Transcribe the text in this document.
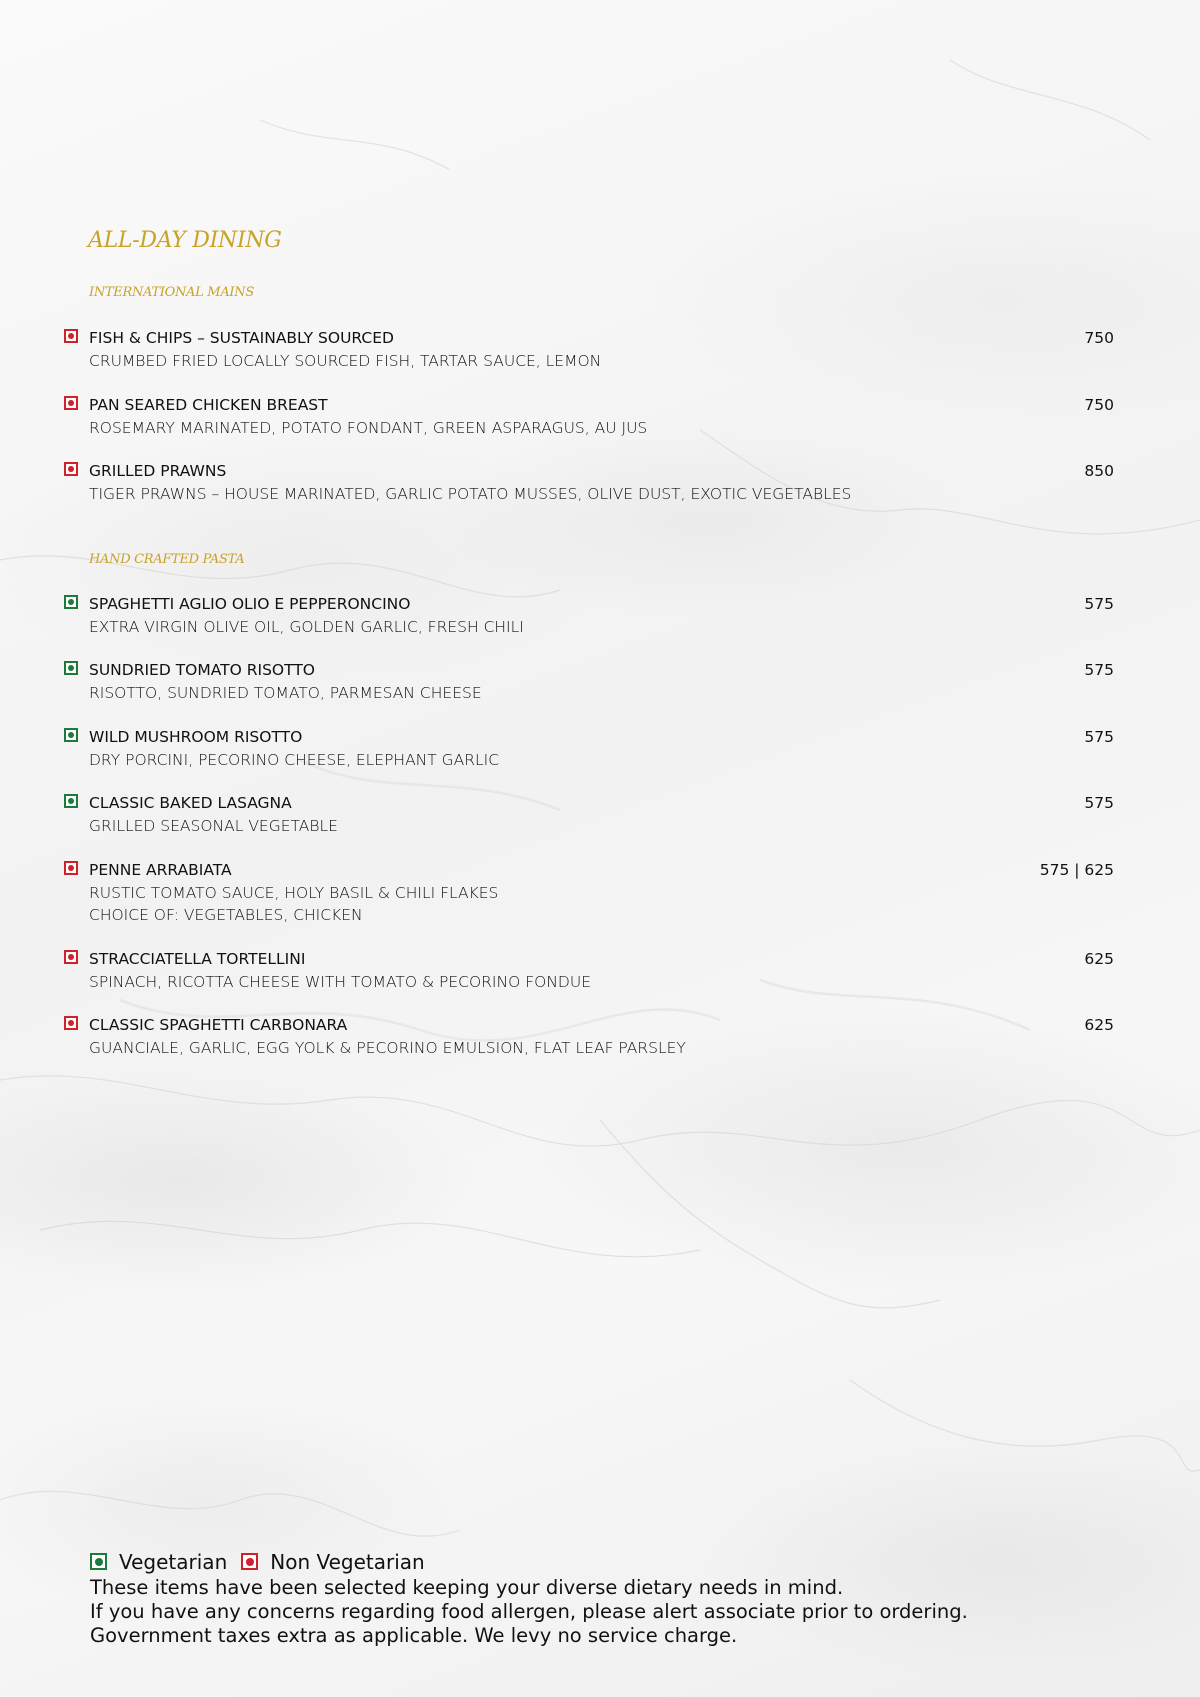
ALL-DAY DINING
INTERNATIONAL MAINS
FISH & CHIPS – SUSTAINABLY SOURCED
CRUMBED FRIED LOCALLY SOURCED FISH, TARTAR SAUCE, LEMON
750
PAN SEARED CHICKEN BREAST
ROSEMARY MARINATED, POTATO FONDANT, GREEN ASPARAGUS, AU JUS
750
GRILLED PRAWNS
TIGER PRAWNS – HOUSE MARINATED, GARLIC POTATO MUSSES, OLIVE DUST, EXOTIC VEGETABLES
850
HAND CRAFTED PASTA
SPAGHETTI AGLIO OLIO E PEPPERONCINO
EXTRA VIRGIN OLIVE OIL, GOLDEN GARLIC, FRESH CHILI
575
SUNDRIED TOMATO RISOTTO
RISOTTO, SUNDRIED TOMATO, PARMESAN CHEESE
575
WILD MUSHROOM RISOTTO
DRY PORCINI, PECORINO CHEESE, ELEPHANT GARLIC
575
CLASSIC BAKED LASAGNA
GRILLED SEASONAL VEGETABLE
575
PENNE ARRABIATA
RUSTIC TOMATO SAUCE, HOLY BASIL & CHILI FLAKES
CHOICE OF: VEGETABLES, CHICKEN
575 | 625
STRACCIATELLA TORTELLINI
SPINACH, RICOTTA CHEESE WITH TOMATO & PECORINO FONDUE
625
CLASSIC SPAGHETTI CARBONARA
GUANCIALE, GARLIC, EGG YOLK & PECORINO EMULSION, FLAT LEAF PARSLEY
625
Vegetarian Non Vegetarian
These items have been selected keeping your diverse dietary needs in mind.
If you have any concerns regarding food allergen, please alert associate prior to ordering.
Government taxes extra as applicable. We levy no service charge.
